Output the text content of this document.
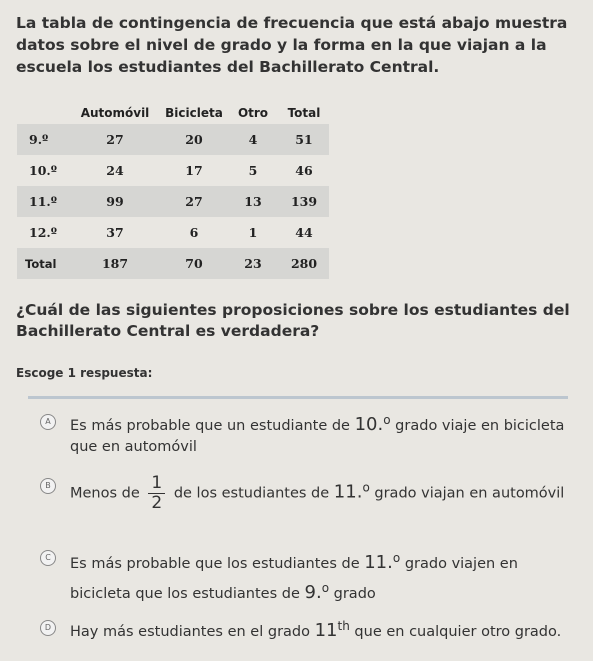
La tabla de contingencia de frecuencia que está abajo muestra datos sobre el nivel de grado y la forma en la que viajan a la escuela los estudiantes del Bachillerato Central.
	Automóvil	Bicicleta	Otro	Total
9.º	27	20	4	51
10.º	24	17	5	46
11.º	99	27	13	139
12.º	37	6	1	44
Total	187	70	23	280
¿Cuál de las siguientes proposiciones sobre los estudiantes del Bachillerato Central es verdadera?
Escoge 1 respuesta:
A	Es más probable que un estudiante de 10.$^o$ grado viaje en bicicleta que en automóvil
B	Menos de $\frac{1}{2}$ de los estudiantes de 11.$^o$ grado viajan en automóvil
C	Es más probable que los estudiantes de 11.$^o$ grado viajen en bicicleta que los estudiantes de 9.$^o$ grado
D	Hay más estudiantes en el grado 11th que en cualquier otro grado.
